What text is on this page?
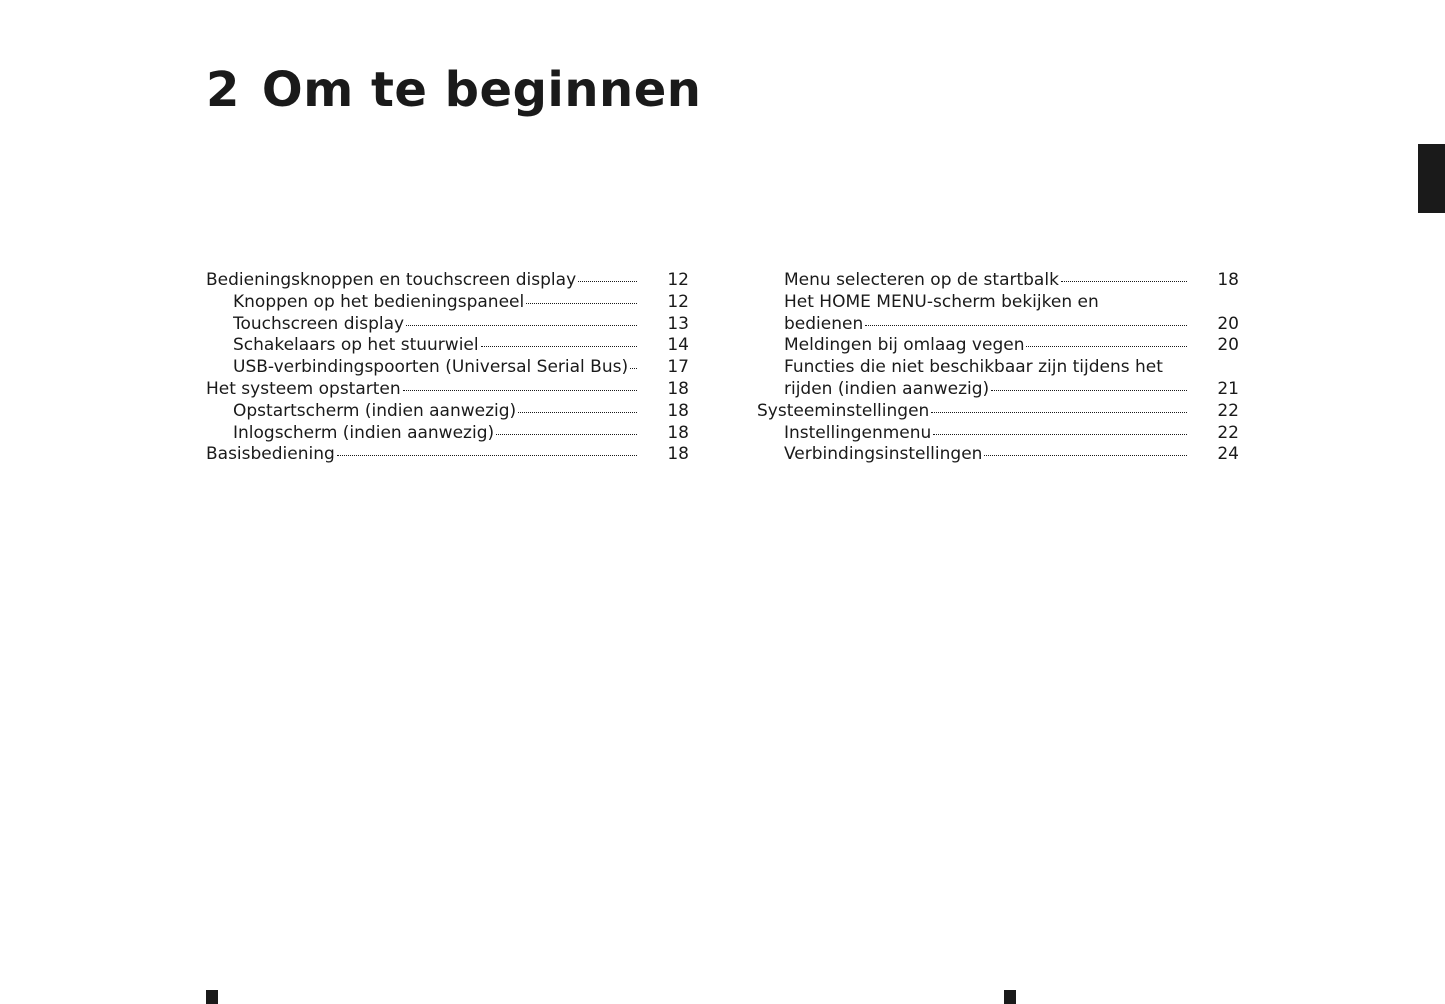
2 Om te beginnen
Bedieningsknoppen en touchscreen display	12
Knoppen op het bedieningspaneel	12
Touchscreen display	13
Schakelaars op het stuurwiel	14
USB-verbindingspoorten (Universal Serial Bus)	17
Het systeem opstarten	18
Opstartscherm (indien aanwezig)	18
Inlogscherm (indien aanwezig)	18
Basisbediening	18
Menu selecteren op de startbalk	18
Het HOME MENU-scherm bekijken en
bedienen	20
Meldingen bij omlaag vegen	20
Functies die niet beschikbaar zijn tijdens het
rijden (indien aanwezig)	21
Systeeminstellingen	22
Instellingenmenu	22
Verbindingsinstellingen	24
